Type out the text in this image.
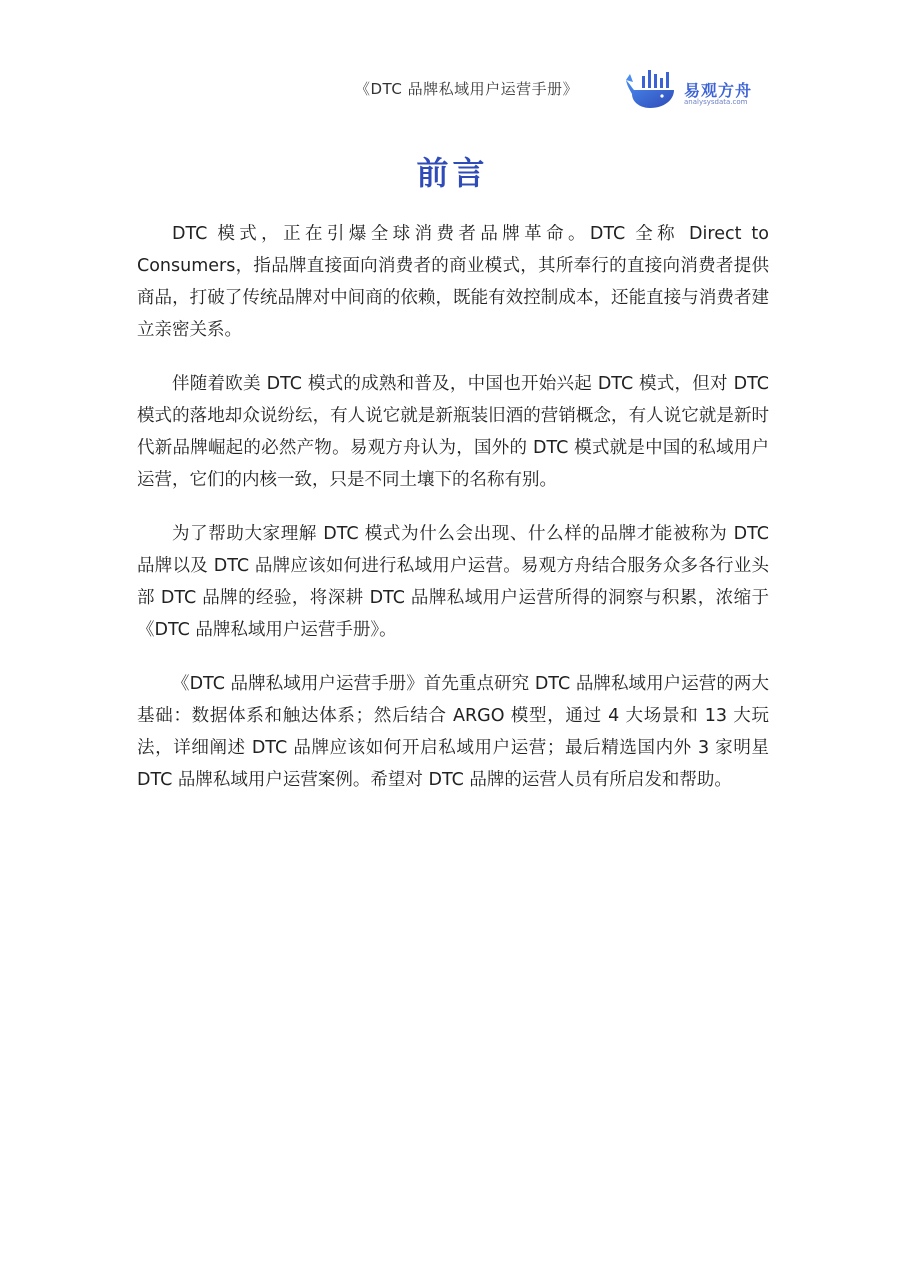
《DTC 品牌私域用户运营手册》	易观方舟
analysysdata.com
前言

DTC 模式，正在引爆全球消费者品牌革命。DTC 全称 Direct to Consumers，指品牌直接面向消费者的商业模式，其所奉行的直接向消费者提供商品，打破了传统品牌对中间商的依赖，既能有效控制成本，还能直接与消费者建立亲密关系。

伴随着欧美 DTC 模式的成熟和普及，中国也开始兴起 DTC 模式，但对 DTC 模式的落地却众说纷纭，有人说它就是新瓶装旧酒的营销概念，有人说它就是新时代新品牌崛起的必然产物。易观方舟认为，国外的 DTC 模式就是中国的私域用户运营，它们的内核一致，只是不同土壤下的名称有别。

为了帮助大家理解 DTC 模式为什么会出现、什么样的品牌才能被称为 DTC 品牌以及 DTC 品牌应该如何进行私域用户运营。易观方舟结合服务众多各行业头部 DTC 品牌的经验，将深耕 DTC 品牌私域用户运营所得的洞察与积累，浓缩于《DTC 品牌私域用户运营手册》。

《DTC 品牌私域用户运营手册》首先重点研究 DTC 品牌私域用户运营的两大基础：数据体系和触达体系；然后结合 ARGO 模型，通过 4 大场景和 13 大玩法，详细阐述 DTC 品牌应该如何开启私域用户运营；最后精选国内外 3 家明星 DTC 品牌私域用户运营案例。希望对 DTC 品牌的运营人员有所启发和帮助。
